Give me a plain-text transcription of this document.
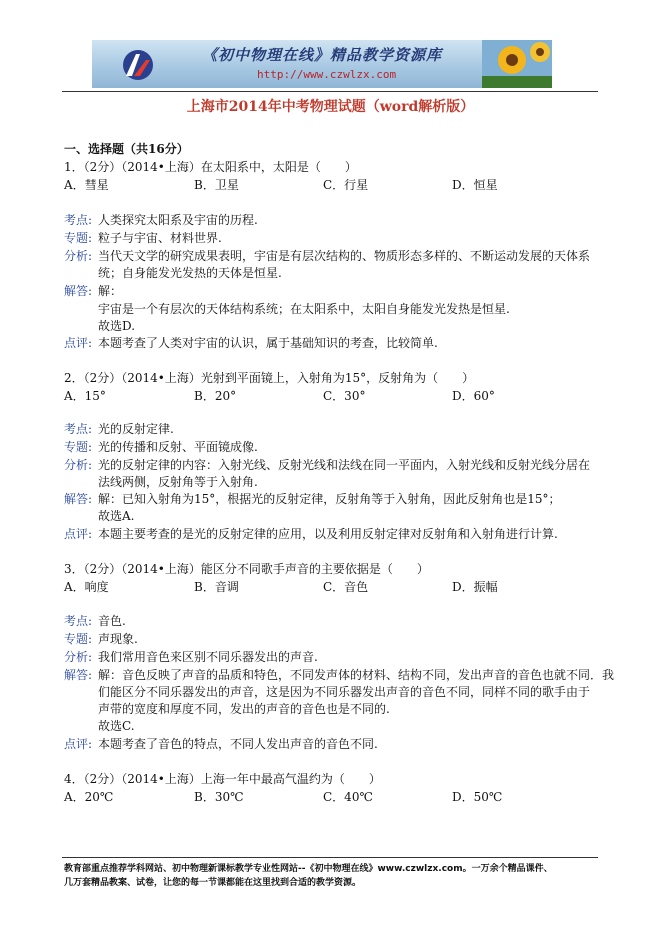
《初中物理在线》精品教学资源库
http://www.czwlzx.com
上海市2014年中考物理试题（word解析版）
一、选择题（共16分）
1．（2分）（2014•上海）在太阳系中，太阳是（　　）
A．彗星	B．卫星	C．行星	D．恒星
考点: 人类探究太阳系及宇宙的历程.
专题: 粒子与宇宙、材料世界.
分析: 当代天文学的研究成果表明，宇宙是有层次结构的、物质形态多样的、不断运动发展的天体系
统；自身能发光发热的天体是恒星.
解答: 解：
宇宙是一个有层次的天体结构系统；在太阳系中，太阳自身能发光发热是恒星.
故选D.
点评: 本题考查了人类对宇宙的认识，属于基础知识的考查，比较简单.
2．（2分）（2014•上海）光射到平面镜上，入射角为15°，反射角为（　　）
A．15°	B．20°	C．30°	D．60°
考点: 光的反射定律.
专题: 光的传播和反射、平面镜成像.
分析: 光的反射定律的内容：入射光线、反射光线和法线在同一平面内，入射光线和反射光线分居在
法线两侧，反射角等于入射角.
解答: 解：已知入射角为15°，根据光的反射定律，反射角等于入射角，因此反射角也是15°；
故选A.
点评: 本题主要考查的是光的反射定律的应用，以及利用反射定律对反射角和入射角进行计算.
3．（2分）（2014•上海）能区分不同歌手声音的主要依据是（　　）
A．响度	B．音调	C．音色	D．振幅
考点: 音色.
专题: 声现象.
分析: 我们常用音色来区别不同乐器发出的声音.
解答: 解：音色反映了声音的品质和特色，不同发声体的材料、结构不同，发出声音的音色也就不同．我
们能区分不同乐器发出的声音，这是因为不同乐器发出声音的音色不同，同样不同的歌手由于
声带的宽度和厚度不同，发出的声音的音色也是不同的.
故选C.
点评: 本题考查了音色的特点，不同人发出声音的音色不同.
4．（2分）（2014•上海）上海一年中最高气温约为（　　）
A．20℃	B．30℃	C．40℃	D．50℃
教育部重点推荐学科网站、初中物理新课标教学专业性网站--《初中物理在线》www.czwlzx.com。一万余个精品课件、
几万套精品教案、试卷，让您的每一节课都能在这里找到合适的教学资源。
